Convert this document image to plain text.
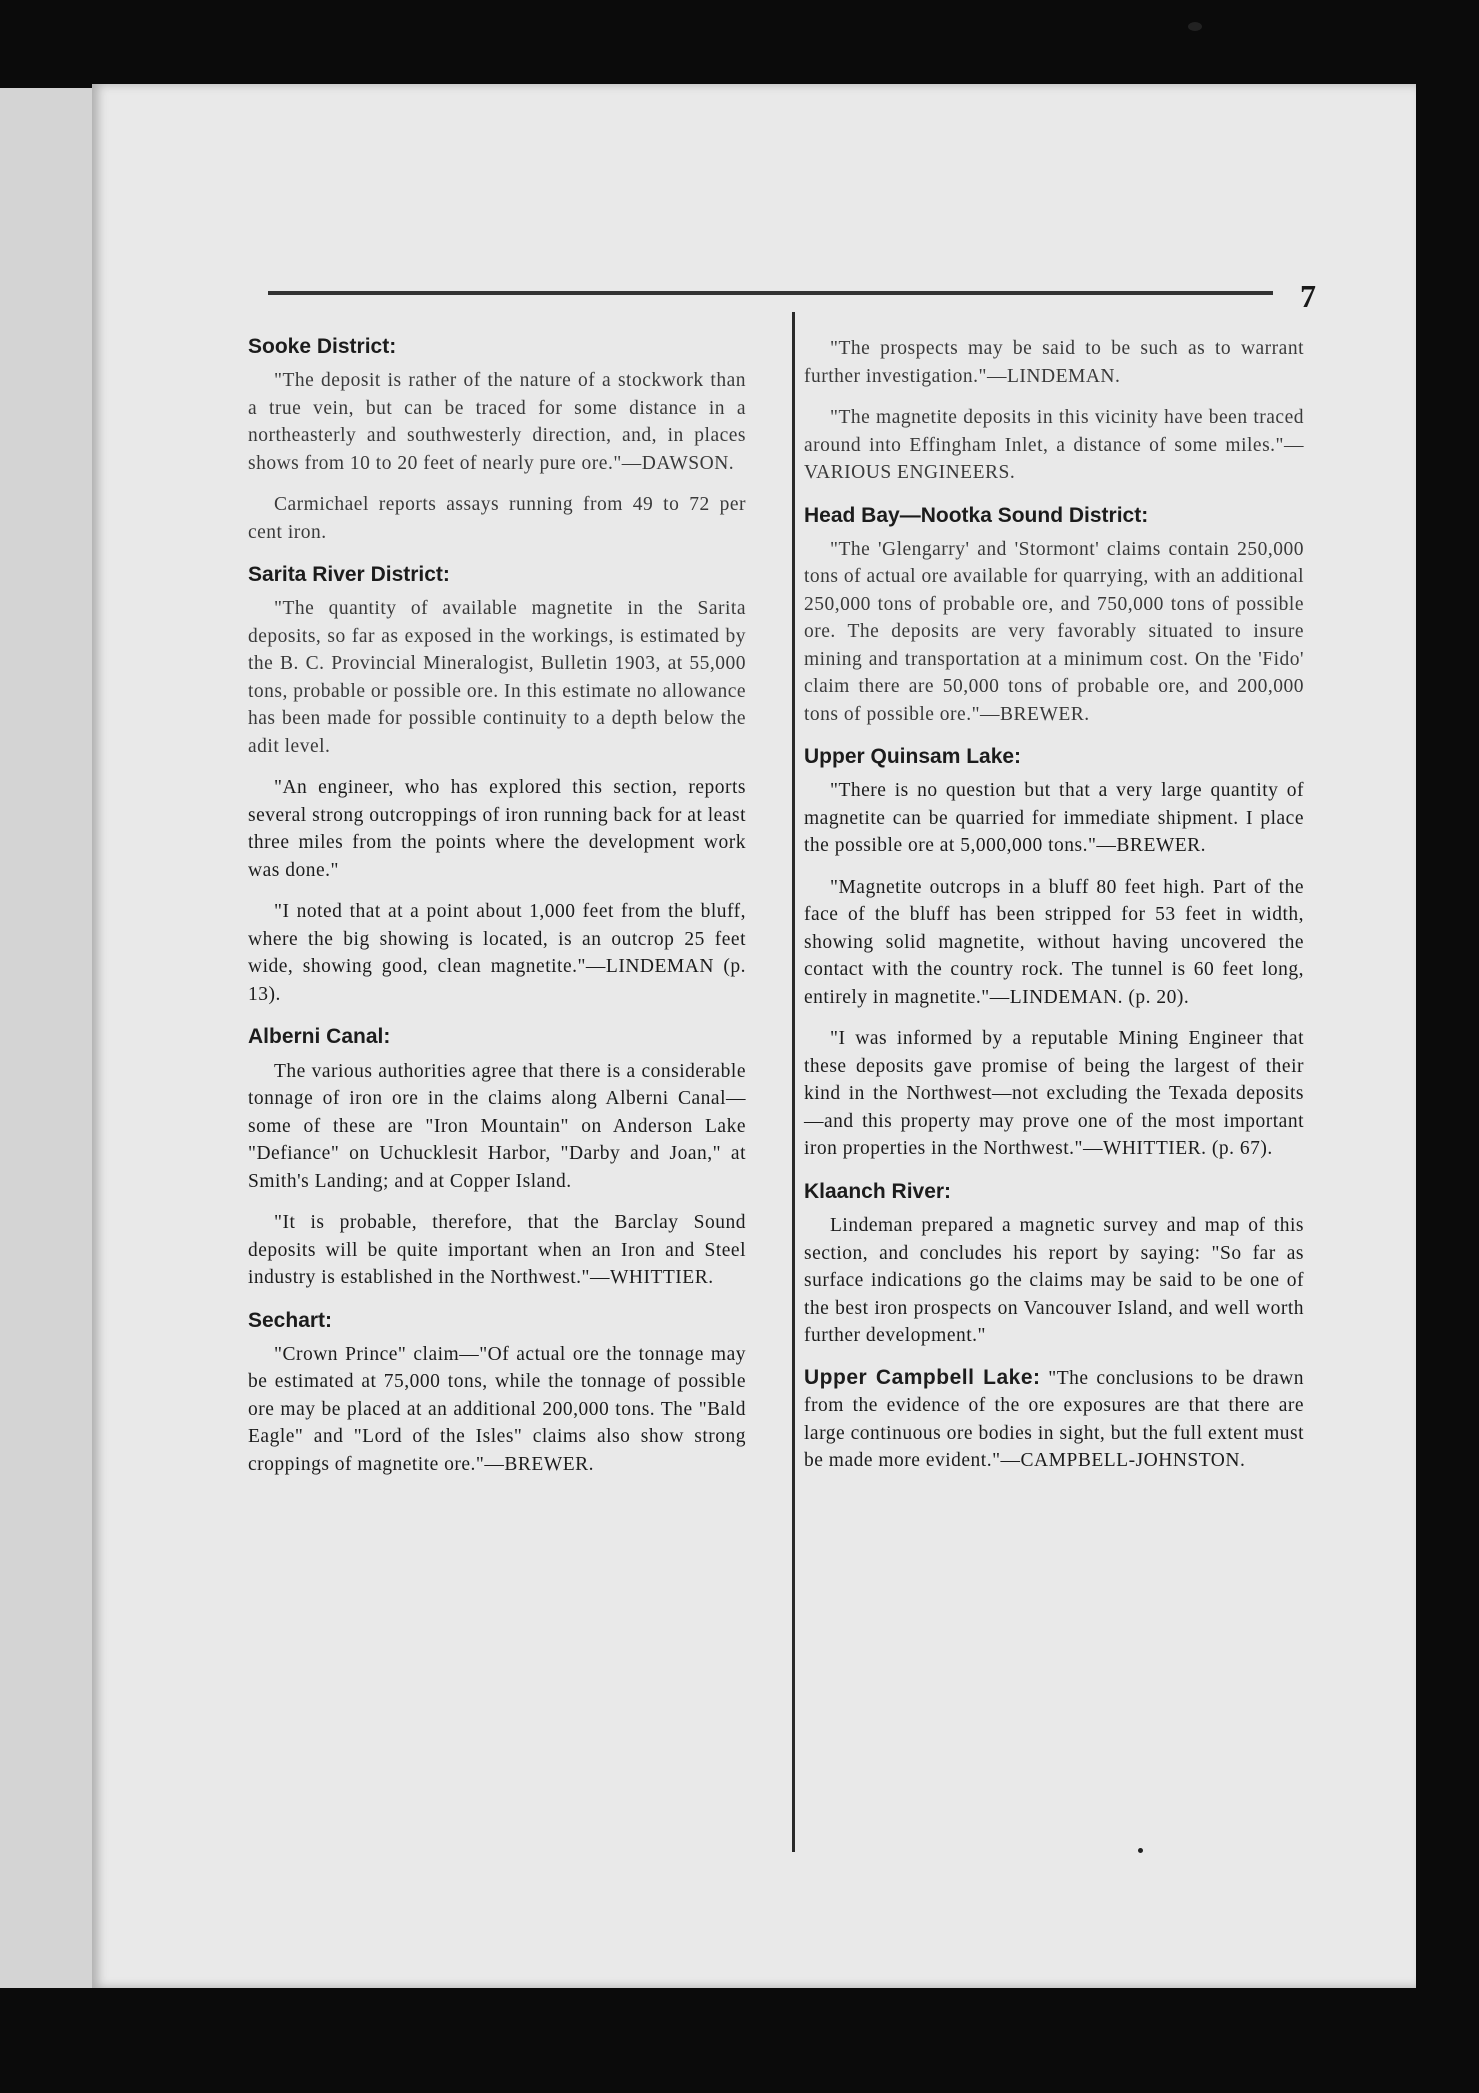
7
Sooke District:

"The deposit is rather of the nature of a stockwork than a true vein, but can be traced for some distance in a northeasterly and southwesterly direction, and, in places shows from 10 to 20 feet of nearly pure ore."—DAWSON.

Carmichael reports assays running from 49 to 72 per cent iron.

Sarita River District:

"The quantity of available magnetite in the Sarita deposits, so far as exposed in the workings, is estimated by the B. C. Provincial Mineralogist, Bulletin 1903, at 55,000 tons, probable or possible ore. In this estimate no allowance has been made for possible continuity to a depth below the adit level.

"An engineer, who has explored this section, reports several strong outcroppings of iron running back for at least three miles from the points where the development work was done."

"I noted that at a point about 1,000 feet from the bluff, where the big showing is located, is an outcrop 25 feet wide, showing good, clean magnetite."—LINDEMAN (p. 13).

Alberni Canal:

The various authorities agree that there is a considerable tonnage of iron ore in the claims along Alberni Canal—some of these are "Iron Mountain" on Anderson Lake "Defiance" on Uchucklesit Harbor, "Darby and Joan," at Smith's Landing; and at Copper Island.

"It is probable, therefore, that the Barclay Sound deposits will be quite important when an Iron and Steel industry is established in the Northwest."—WHITTIER.

Sechart:

"Crown Prince" claim—"Of actual ore the tonnage may be estimated at 75,000 tons, while the tonnage of possible ore may be placed at an additional 200,000 tons. The "Bald Eagle" and "Lord of the Isles" claims also show strong croppings of magnetite ore."—BREWER.

"The prospects may be said to be such as to warrant further investigation."—LINDEMAN.

"The magnetite deposits in this vicinity have been traced around into Effingham Inlet, a distance of some miles."—VARIOUS ENGINEERS.

Head Bay—Nootka Sound District:

"The 'Glengarry' and 'Stormont' claims contain 250,000 tons of actual ore available for quarrying, with an additional 250,000 tons of probable ore, and 750,000 tons of possible ore. The deposits are very favorably situated to insure mining and transportation at a minimum cost. On the 'Fido' claim there are 50,000 tons of probable ore, and 200,000 tons of possible ore."—BREWER.

Upper Quinsam Lake:

"There is no question but that a very large quantity of magnetite can be quarried for immediate shipment. I place the possible ore at 5,000,000 tons."—BREWER.

"Magnetite outcrops in a bluff 80 feet high. Part of the face of the bluff has been stripped for 53 feet in width, showing solid magnetite, without having uncovered the contact with the country rock. The tunnel is 60 feet long, entirely in magnetite."—LINDEMAN. (p. 20).

"I was informed by a reputable Mining Engineer that these deposits gave promise of being the largest of their kind in the Northwest—not excluding the Texada deposits—and this property may prove one of the most important iron properties in the Northwest."—WHITTIER. (p. 67).

Klaanch River:

Lindeman prepared a magnetic survey and map of this section, and concludes his report by saying: "So far as surface indications go the claims may be said to be one of the best iron prospects on Vancouver Island, and well worth further development."

Upper Campbell Lake: "The conclusions to be drawn from the evidence of the ore exposures are that there are large continuous ore bodies in sight, but the full extent must be made more evident."—CAMPBELL-JOHNSTON.
